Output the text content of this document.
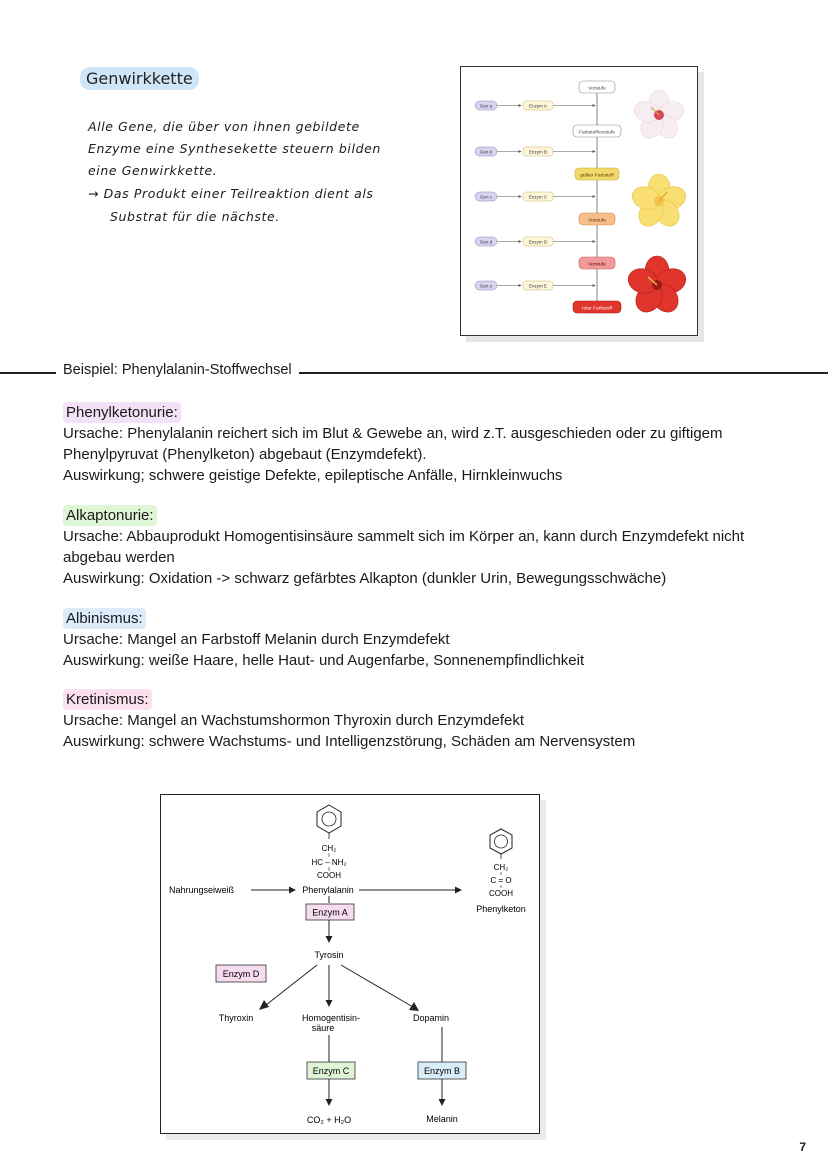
Genwirkkette
Alle Gene, die über von ihnen gebildete
Enzyme eine Synthesekette steuern bilden
eine Genwirkkette.
→ Das Produkt einer Teilreaktion dient als
Substrat für die nächste.
Vorstufe
Farbstoffvorstufe
gelber Farbstoff
Vorstufe
Vorstufe
roter Farbstoff
Gen a	Enzym A
Gen b	Enzym B
Gen c	Enzym C
Gen d	Enzym D
Gen e	Enzym E
Beispiel: Phenylalanin-Stoffwechsel
Phenylketonurie:
Ursache: Phenylalanin reichert sich im Blut & Gewebe an, wird z.T. ausgeschieden oder zu giftigem
Phenylpyruvat (Phenylketon) abgebaut (Enzymdefekt).
Auswirkung; schwere geistige Defekte, epileptische Anfälle, Hirnkleinwuchs
Alkaptonurie:
Ursache: Abbauprodukt Homogentisinsäure sammelt sich im Körper an, kann durch Enzymdefekt nicht
abgebau werden
Auswirkung: Oxidation -> schwarz gefärbtes Alkapton (dunkler Urin, Bewegungsschwäche)
Albinismus:
Ursache: Mangel an Farbstoff Melanin durch Enzymdefekt
Auswirkung: weiße Haare, helle Haut- und Augenfarbe, Sonnenempfindlichkeit
Kretinismus:
Ursache: Mangel an Wachstumshormon Thyroxin durch Enzymdefekt
Auswirkung: schwere Wachstums- und Intelligenzstörung, Schäden am Nervensystem
CH₂
HC – NH₂
COOH
Nahrungseiweiß	Phenylalanin
CH₂
C = O
COOH
Phenylketon
Enzym A
Tyrosin
Enzym D
Thyroxin	Homogentisin-
säure
Dopamin
Enzym C
CO₂ + H₂O
Enzym B
Melanin
7
